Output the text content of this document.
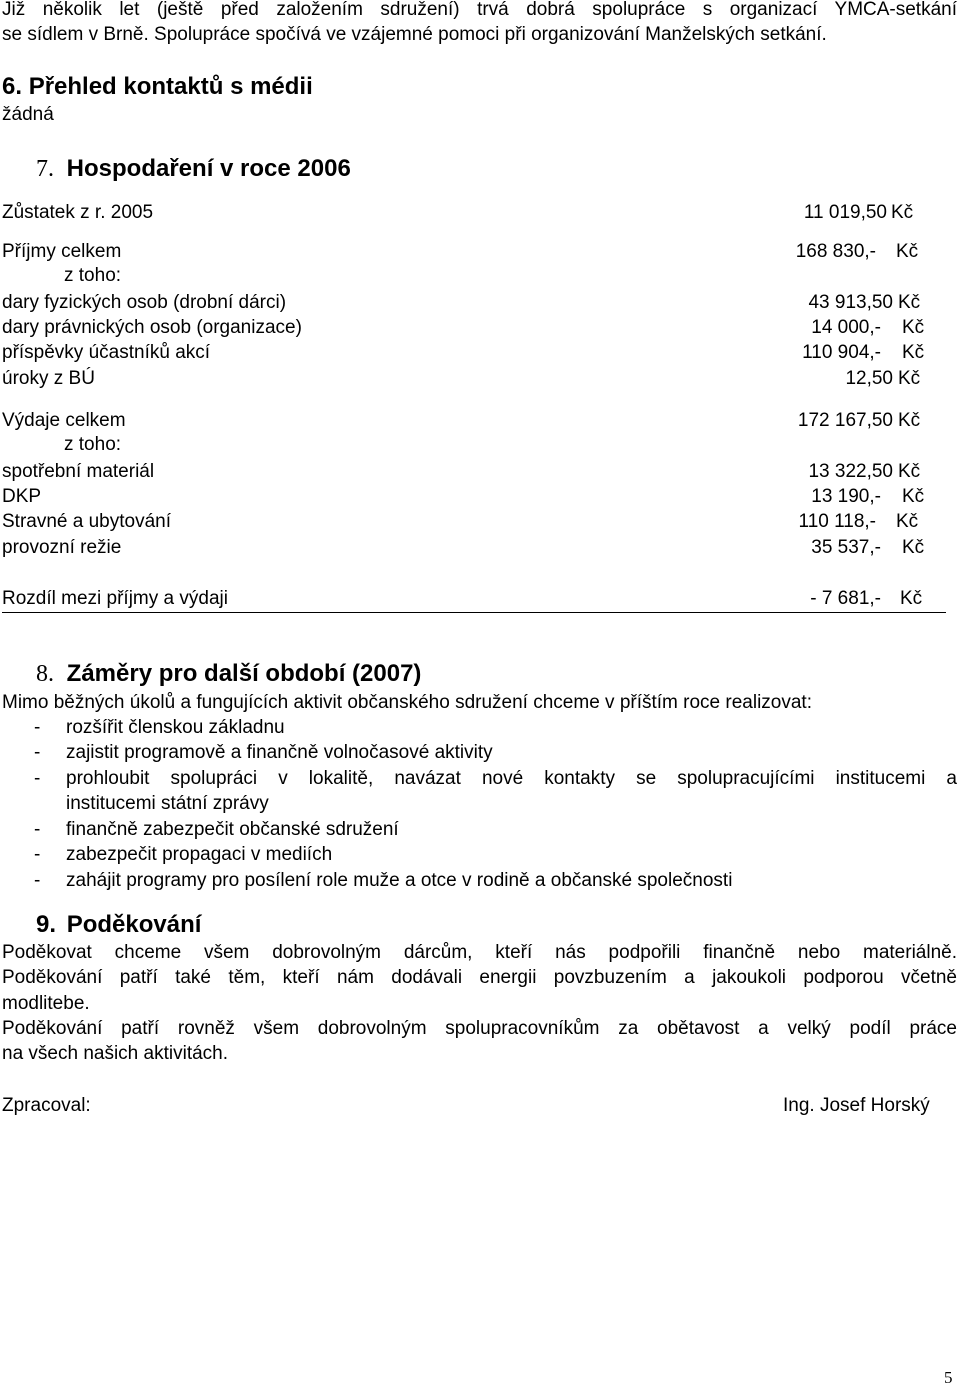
Již několik let (ještě před založením sdružení) trvá dobrá spolupráce s organizací YMCA-setkání
se sídlem v Brně. Spolupráce spočívá ve vzájemné pomoci při organizování Manželských setkání.
6. Přehled kontaktů s médii
žádná
7. Hospodaření v roce 2006
Zůstatek z r. 2005	11 019,50 Kč
Příjmy celkem	168 830,- Kč
z toho:
dary fyzických osob (drobní dárci)	43 913,50 Kč
dary právnických osob (organizace)	14 000,- Kč
příspěvky účastníků akcí	110 904,- Kč
úroky z BÚ	12,50 Kč
Výdaje celkem	172 167,50 Kč
z toho:
spotřební materiál	13 322,50 Kč
DKP	13 190,- Kč
Stravné a ubytování	110 118,- Kč
provozní režie	35 537,- Kč
Rozdíl mezi příjmy a výdaji	- 7 681,- Kč
8. Záměry pro další období (2007)
Mimo běžných úkolů a fungujících aktivit občanského sdružení chceme v příštím roce realizovat:
- rozšířit členskou základnu
- zajistit programově a finančně volnočasové aktivity
- prohloubit spolupráci v lokalitě, navázat nové kontakty se spolupracujícími institucemi a
institucemi státní zprávy
- finančně zabezpečit občanské sdružení
- zabezpečit propagaci v mediích
- zahájit programy pro posílení role muže a otce v rodině a občanské společnosti
9. Poděkování
Poděkovat chceme všem dobrovolným dárcům, kteří nás podpořili finančně nebo materiálně.
Poděkování patří také těm, kteří nám dodávali energii povzbuzením a jakoukoli podporou včetně
modlitebe.
Poděkování patří rovněž všem dobrovolným spolupracovníkům za obětavost a velký podíl práce
na všech našich aktivitách.
Zpracoval:	Ing. Josef Horský
5
